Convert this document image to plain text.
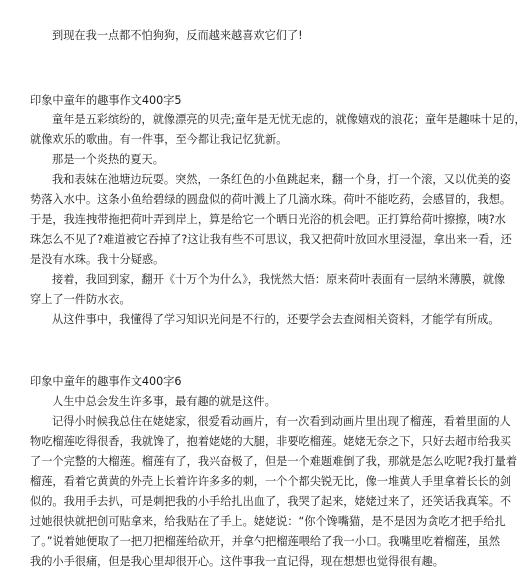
到现在我一点都不怕狗狗，反而越来越喜欢它们了!
印象中童年的趣事作文400字5
童年是五彩缤纷的，就像漂亮的贝壳;童年是无忧无虑的，就像嬉戏的浪花；童年是趣味十足的，
就像欢乐的歌曲。有一件事，至今都让我记忆犹新。
那是一个炎热的夏天。
我和表妹在池塘边玩耍。突然，一条红色的小鱼跳起来，翻一个身，打一个滚，又以优美的姿
势落入水中。这条小鱼给碧绿的圆盘似的荷叶溅上了几滴水珠。荷叶不能吃药，会感冒的，我想。
于是，我连拽带拖把荷叶弄到岸上，算是给它一个晒日光浴的机会吧。正打算给荷叶擦擦，咦?水
珠怎么不见了?难道被它吞掉了?这让我有些不可思议，我又把荷叶放回水里浸湿，拿出来一看，还
是没有水珠。我十分疑惑。
接着，我回到家，翻开《十万个为什么》，我恍然大悟：原来荷叶表面有一层纳米薄膜，就像
穿上了一件防水衣。
从这件事中，我懂得了学习知识光问是不行的，还要学会去查阅相关资料，才能学有所成。
印象中童年的趣事作文400字6
人生中总会发生许多事，最有趣的就是这件。
记得小时候我总住在姥姥家，很爱看动画片，有一次看到动画片里出现了榴莲，看着里面的人
物吃榴莲吃得很香，我就馋了，抱着姥姥的大腿，非要吃榴莲。姥姥无奈之下，只好去超市给我买
了一个完整的大榴莲。榴莲有了，我兴奋极了，但是一个难题难倒了我，那就是怎么吃呢?我打量着
榴莲，看着它黄黄的外壳上长着许许多多的刺，一个个都尖锐无比，像一堆黄人手里拿着长长的剑
似的。我用手去扒，可是刺把我的小手给扎出血了，我哭了起来，姥姥过来了，还笑话我真笨。不
过她很快就把创可贴拿来，给我贴在了手上。姥姥说：“你个馋嘴猫，是不是因为贪吃才把手给扎
了。”说着她便取了一把刀把榴莲给砍开，并拿勺把榴莲喂给了我一小口。我嘴里吃着榴莲，虽然
我的小手很痛，但是我心里却很开心。这件事我一直记得，现在想想也觉得很有趣。
